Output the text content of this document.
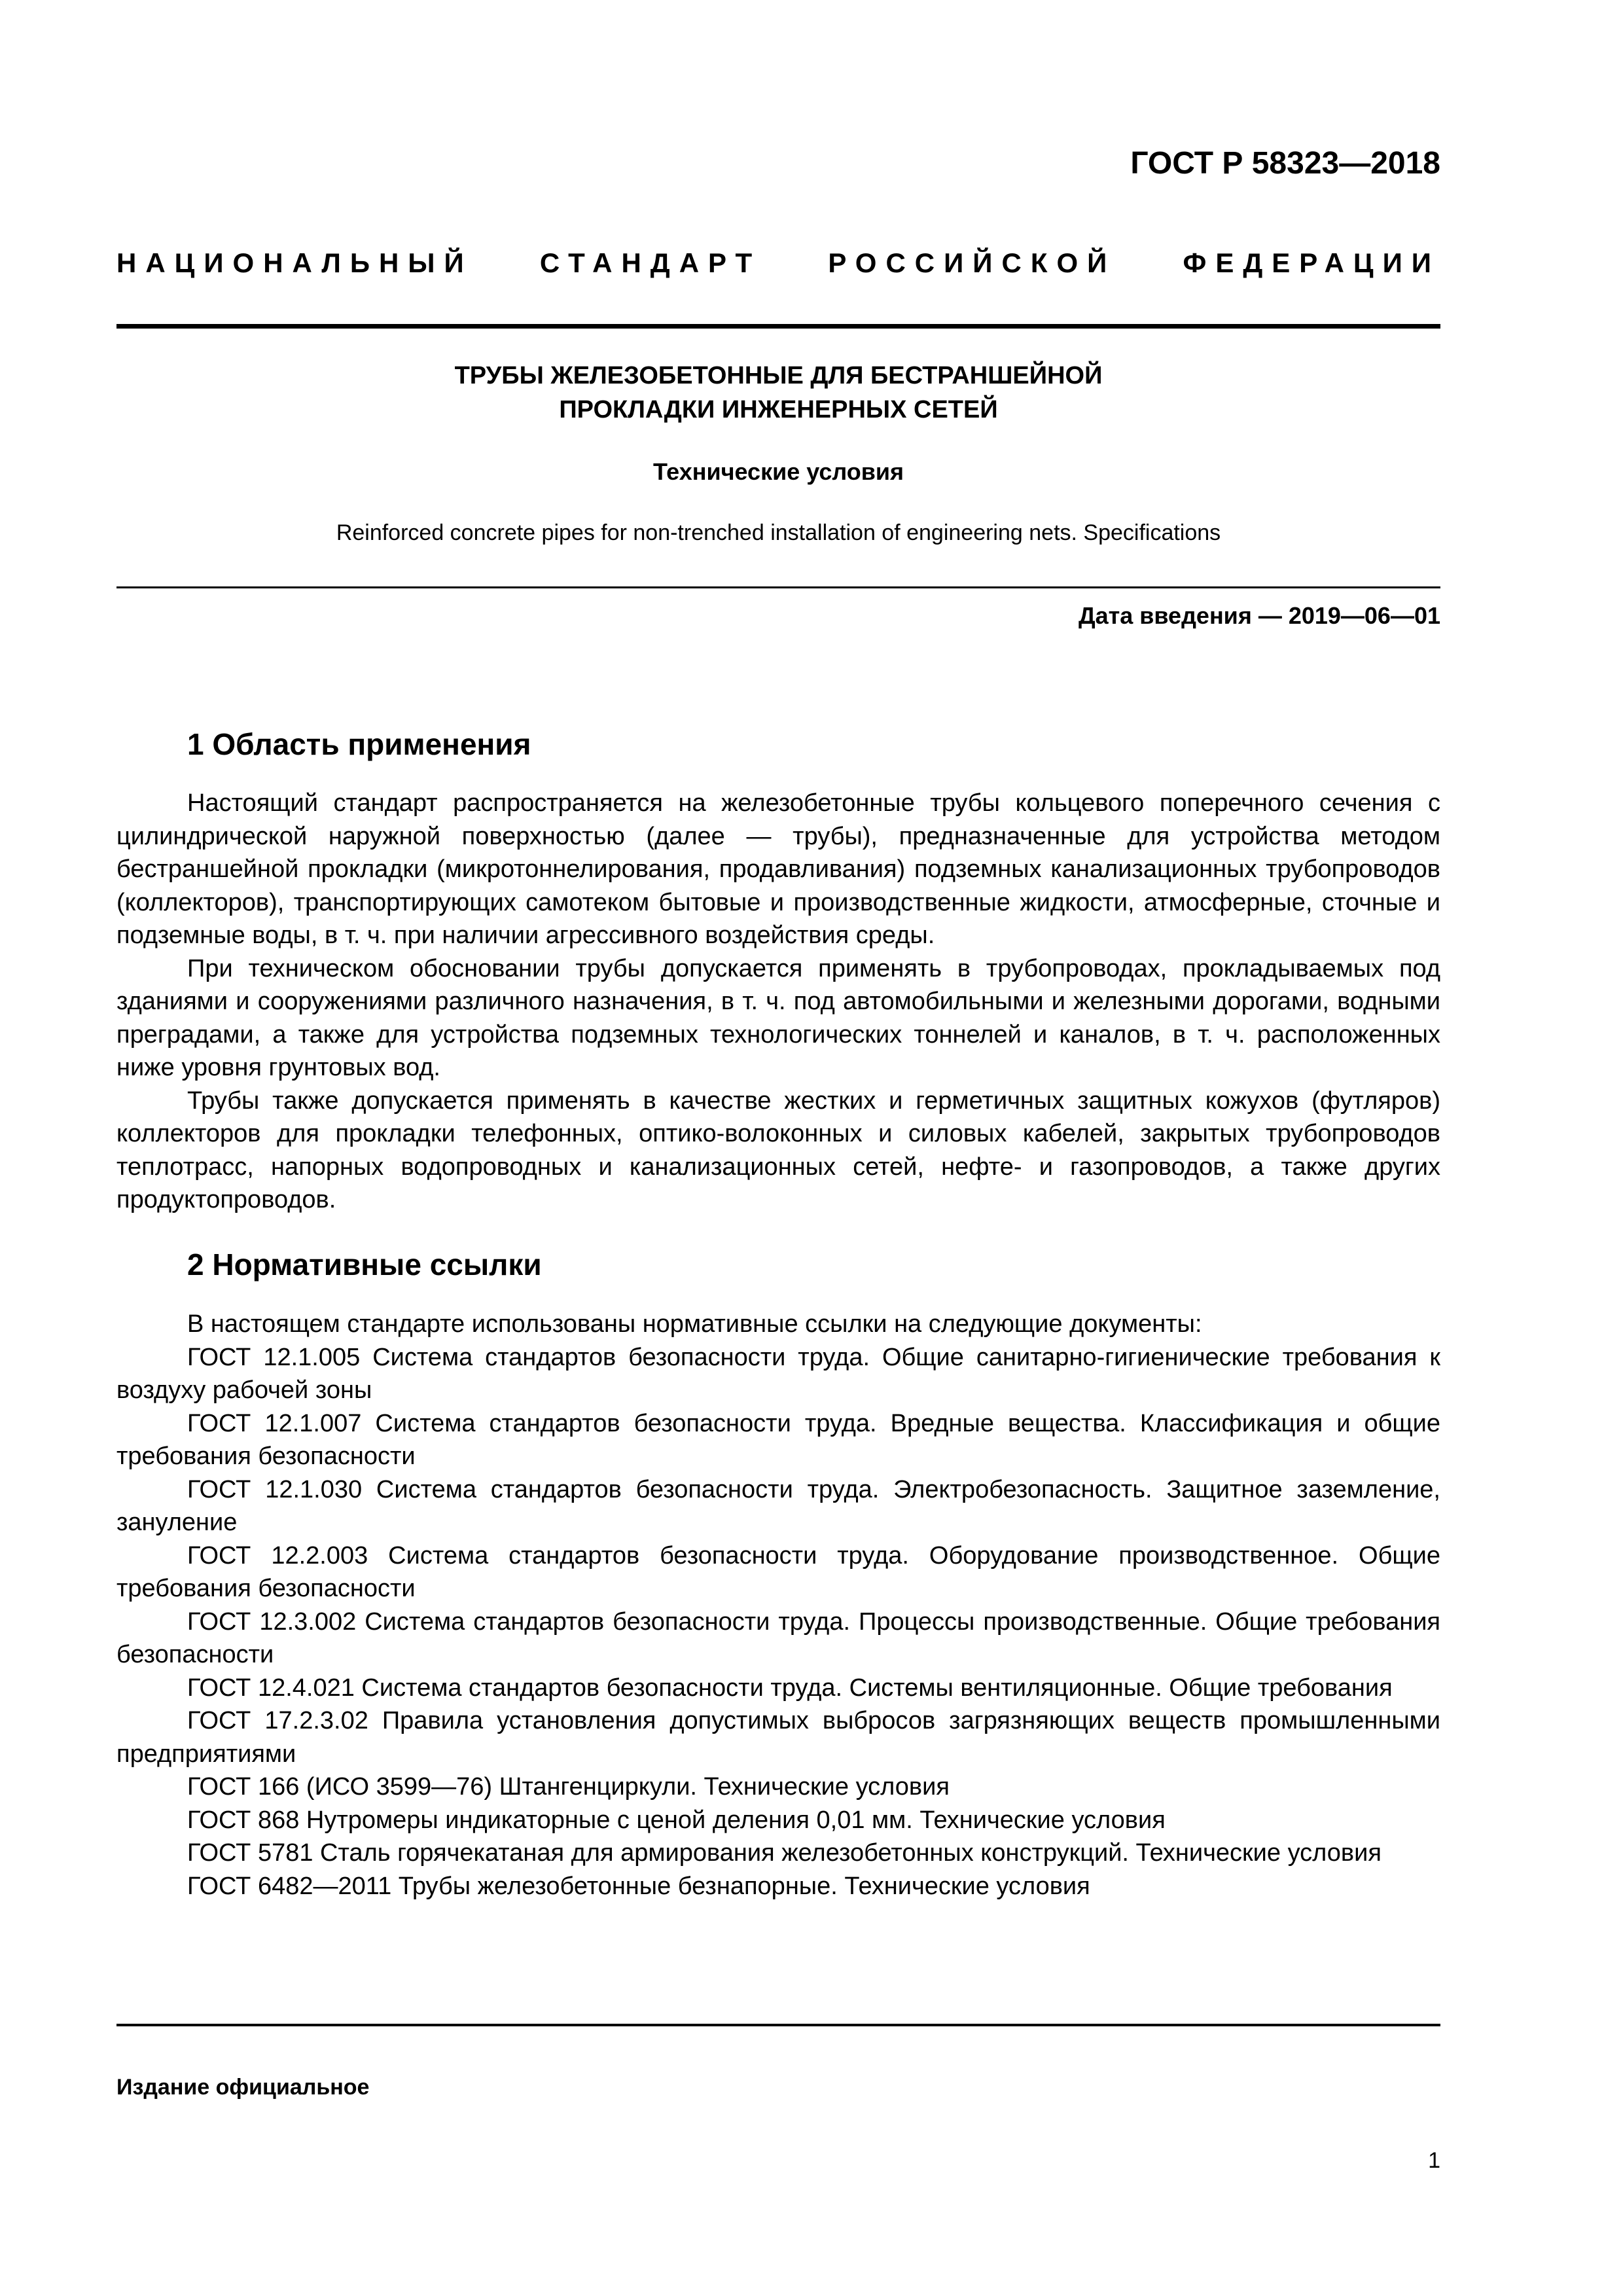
ГОСТ Р 58323—2018
НАЦИОНАЛЬНЫЙ СТАНДАРТ РОССИЙСКОЙ ФЕДЕРАЦИИ
ТРУБЫ ЖЕЛЕЗОБЕТОННЫЕ ДЛЯ БЕСТРАНШЕЙНОЙ
ПРОКЛАДКИ ИНЖЕНЕРНЫХ СЕТЕЙ
Технические условия
Reinforced concrete pipes for non-trenched installation of engineering nets. Specifications
Дата введения — 2019—06—01
1 Область применения

Настоящий стандарт распространяется на железобетонные трубы кольцевого поперечного сечения с цилиндрической наружной поверхностью (далее — трубы), предназначенные для устройства методом бестраншейной прокладки (микротоннелирования, продавливания) подземных канализационных трубопроводов (коллекторов), транспортирующих самотеком бытовые и производственные жидкости, атмосферные, сточные и подземные воды, в т. ч. при наличии агрессивного воздействия среды.

При техническом обосновании трубы допускается применять в трубопроводах, прокладываемых под зданиями и сооружениями различного назначения, в т. ч. под автомобильными и железными дорогами, водными преградами, а также для устройства подземных технологических тоннелей и каналов, в т. ч. расположенных ниже уровня грунтовых вод.

Трубы также допускается применять в качестве жестких и герметичных защитных кожухов (футляров) коллекторов для прокладки телефонных, оптико-волоконных и силовых кабелей, закрытых трубопроводов теплотрасс, напорных водопроводных и канализационных сетей, нефте- и газопроводов, а также других продуктопроводов.

2 Нормативные ссылки

В настоящем стандарте использованы нормативные ссылки на следующие документы:

ГОСТ 12.1.005 Система стандартов безопасности труда. Общие санитарно-гигиенические требования к воздуху рабочей зоны

ГОСТ 12.1.007 Система стандартов безопасности труда. Вредные вещества. Классификация и общие требования безопасности

ГОСТ 12.1.030 Система стандартов безопасности труда. Электробезопасность. Защитное заземление, зануление

ГОСТ 12.2.003 Система стандартов безопасности труда. Оборудование производственное. Общие требования безопасности

ГОСТ 12.3.002 Система стандартов безопасности труда. Процессы производственные. Общие требования безопасности

ГОСТ 12.4.021 Система стандартов безопасности труда. Системы вентиляционные. Общие требования

ГОСТ 17.2.3.02 Правила установления допустимых выбросов загрязняющих веществ промышленными предприятиями

ГОСТ 166 (ИСО 3599—76) Штангенциркули. Технические условия

ГОСТ 868 Нутромеры индикаторные с ценой деления 0,01 мм. Технические условия

ГОСТ 5781 Сталь горячекатаная для армирования железобетонных конструкций. Технические условия

ГОСТ 6482—2011 Трубы железобетонные безнапорные. Технические условия

Издание официальное
1
